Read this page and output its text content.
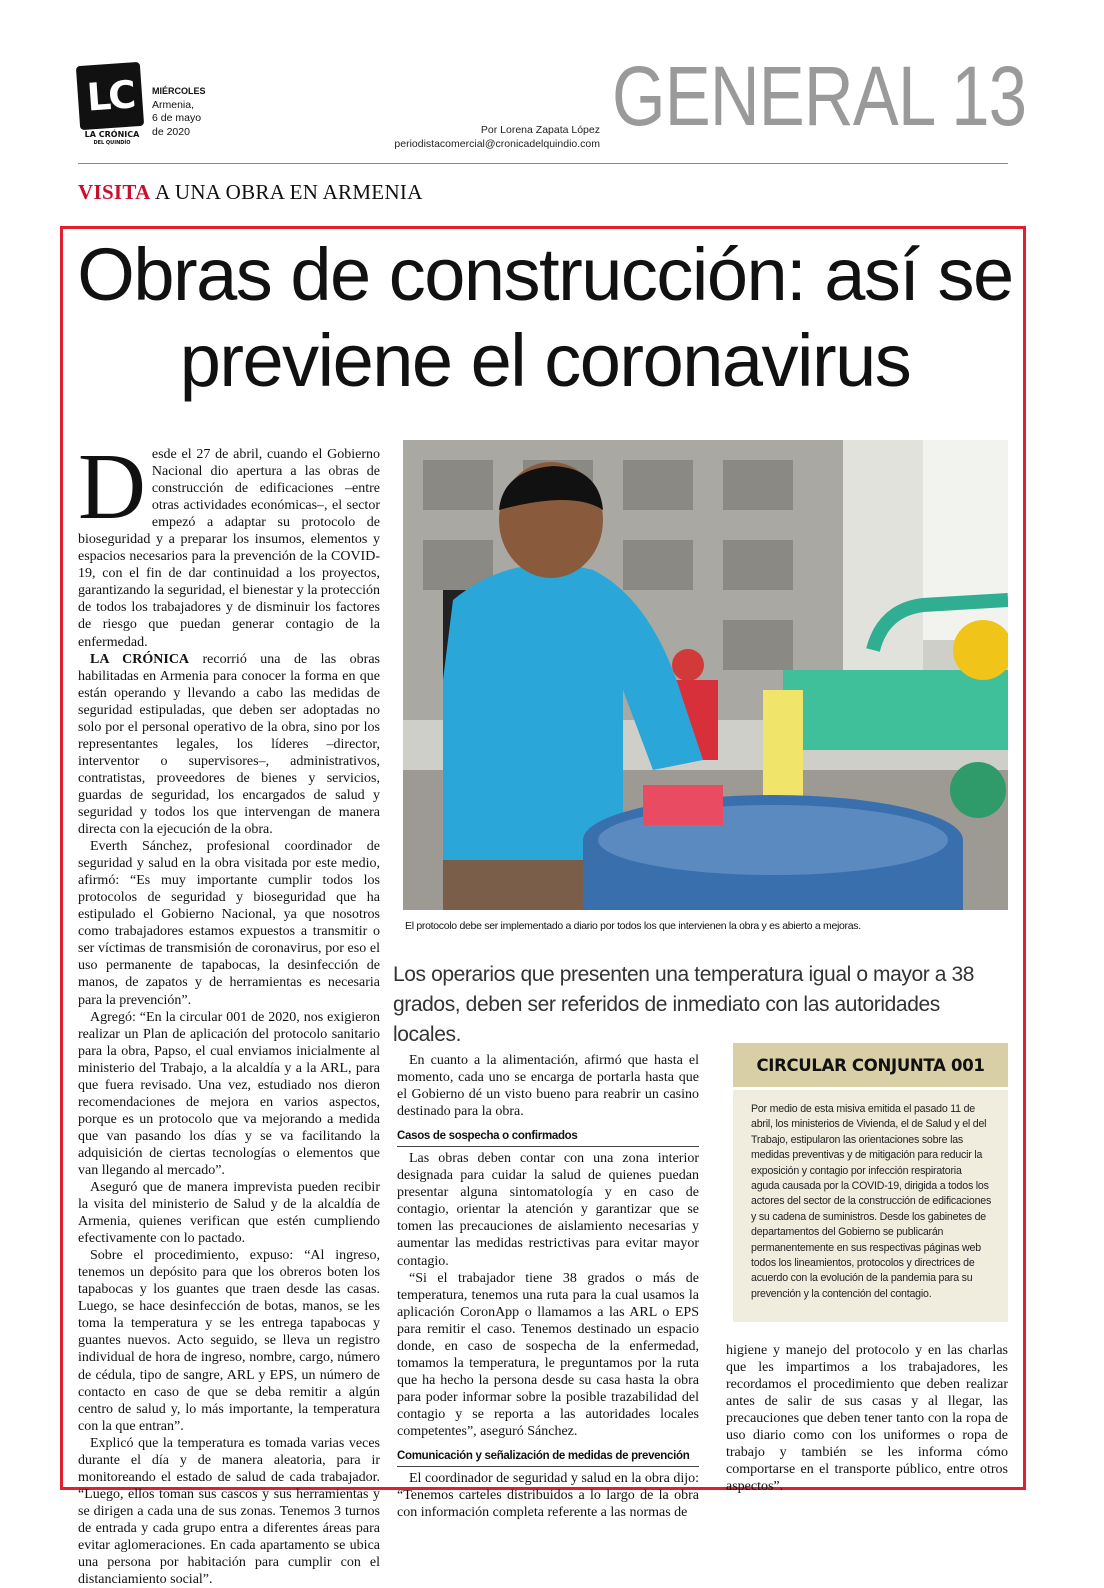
LC
LA CRÓNICA
DEL QUINDÍO
MIÉRCOLES
Armenia,
6 de mayo
de 2020	Por Lorena Zapata López
periodistacomercial@cronicadelquindio.com
GENERAL 13
VISITA A UNA OBRA EN ARMENIA
Obras de construcción: así se previene el coronavirus

Desde el 27 de abril, cuando el Gobierno Nacional dio apertura a las obras de construcción de edificaciones –entre otras actividades económicas–, el sector empezó a adaptar su protocolo de bioseguridad y a preparar los insumos, elementos y espacios necesarios para la prevención de la COVID-19, con el fin de dar continuidad a los proyectos, garantizando la seguridad, el bienestar y la protección de todos los trabajadores y de disminuir los factores de riesgo que puedan generar contagio de la enfermedad.

LA CRÓNICA recorrió una de las obras habilitadas en Armenia para conocer la forma en que están operando y llevando a cabo las medidas de seguridad estipuladas, que deben ser adoptadas no solo por el personal operativo de la obra, sino por los representantes legales, los líderes –director, interventor o supervisores–, administrativos, contratistas, proveedores de bienes y servicios, guardas de seguridad, los encargados de salud y seguridad y todos los que intervengan de manera directa con la ejecución de la obra.

Everth Sánchez, profesional coordinador de seguridad y salud en la obra visitada por este medio, afirmó: “Es muy importante cumplir todos los protocolos de seguridad y bioseguridad que ha estipulado el Gobierno Nacional, ya que nosotros como trabajadores estamos expuestos a transmitir o ser víctimas de transmisión de coronavirus, por eso el uso permanente de tapabocas, la desinfección de manos, de zapatos y de herramientas es necesaria para la prevención”.

Agregó: “En la circular 001 de 2020, nos exigieron realizar un Plan de aplicación del protocolo sanitario para la obra, Papso, el cual enviamos inicialmente al ministerio del Trabajo, a la alcaldía y a la ARL, para que fuera revisado. Una vez, estudiado nos dieron recomendaciones de mejora en varios aspectos, porque es un protocolo que va mejorando a medida que van pasando los días y se va facilitando la adquisición de ciertas tecnologías o elementos que van llegando al mercado”.

Aseguró que de manera imprevista pueden recibir la visita del ministerio de Salud y de la alcaldía de Armenia, quienes verifican que estén cumpliendo efectivamente con lo pactado.

Sobre el procedimiento, expuso: “Al ingreso, tenemos un depósito para que los obreros boten los tapabocas y los guantes que traen desde las casas. Luego, se hace desinfección de botas, manos, se les toma la temperatura y se les entrega tapabocas y guantes nuevos. Acto seguido, se lleva un registro individual de hora de ingreso, nombre, cargo, número de cédula, tipo de sangre, ARL y EPS, un número de contacto en caso de que se deba remitir a algún centro de salud y, lo más importante, la temperatura con la que entran”.

Explicó que la temperatura es tomada varias veces durante el día y de manera aleatoria, para ir monitoreando el estado de salud de cada trabajador. “Luego, ellos toman sus cascos y sus herramientas y se dirigen a cada una de sus zonas. Tenemos 3 turnos de entrada y cada grupo entra a diferentes áreas para evitar aglomeraciones. En cada apartamento se ubica una persona por habitación para cumplir con el distanciamiento social”.

El protocolo debe ser implementado a diario por todos los que intervienen la obra y es abierto a mejoras.
Los operarios que presenten una temperatura igual o mayor a 38 grados, deben ser referidos de inmediato con las autoridades locales.

En cuanto a la alimentación, afirmó que hasta el momento, cada uno se encarga de portarla hasta que el Gobierno dé un visto bueno para reabrir un casino destinado para la obra.

Casos de sospecha o confirmados

Las obras deben contar con una zona interior designada para cuidar la salud de quienes puedan presentar alguna sintomatología y en caso de contagio, orientar la atención y garantizar que se tomen las precauciones de aislamiento necesarias y aumentar las medidas restrictivas para evitar mayor contagio.

“Si el trabajador tiene 38 grados o más de temperatura, tenemos una ruta para la cual usamos la aplicación CoronApp o llamamos a las ARL o EPS para remitir el caso. Tenemos destinado un espacio donde, en caso de sospecha de la enfermedad, tomamos la temperatura, le preguntamos por la ruta que ha hecho la persona desde su casa hasta la obra para poder informar sobre la posible trazabilidad del contagio y se reporta a las autoridades locales competentes”, aseguró Sánchez.

Comunicación y señalización de medidas de prevención

El coordinador de seguridad y salud en la obra dijo: “Tenemos carteles distribuidos a lo largo de la obra con información completa referente a las normas de

CIRCULAR CONJUNTA 001
Por medio de esta misiva emitida el pasado 11 de abril, los ministerios de Vivienda, el de Salud y el del Trabajo, estipularon las orientaciones sobre las medidas preventivas y de mitigación para reducir la exposición y contagio por infección respiratoria aguda causada por la COVID-19, dirigida a todos los actores del sector de la construcción de edificaciones y su cadena de suministros. Desde los gabinetes de departamentos del Gobierno se publicarán permanentemente en sus respectivas páginas web todos los lineamientos, protocolos y directrices de acuerdo con la evolución de la pandemia para su prevención y la contención del contagio.

higiene y manejo del protocolo y en las charlas que les impartimos a los trabajadores, les recordamos el procedimiento que deben realizar antes de salir de sus casas y al llegar, las precauciones que deben tener tanto con la ropa de uso diario como con los uniformes o ropa de trabajo y también se les informa cómo comportarse en el transporte público, entre otros aspectos”.
